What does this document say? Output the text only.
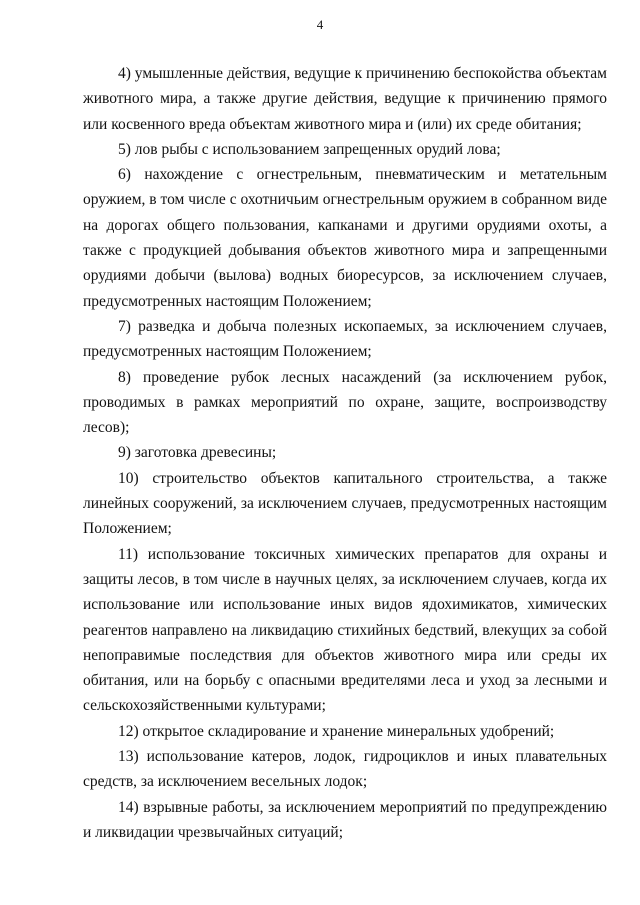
4

4) умышленные действия, ведущие к причинению беспокойства объектам животного мира, а также другие действия, ведущие к причинению прямого или косвенного вреда объектам животного мира и (или) их среде обитания;

5) лов рыбы с использованием запрещенных орудий лова;

6) нахождение с огнестрельным, пневматическим и метательным оружием, в том числе с охотничьим огнестрельным оружием в собранном виде на дорогах общего пользования, капканами и другими орудиями охоты, а также с продукцией добывания объектов животного мира и запрещенными орудиями добычи (вылова) водных биоресурсов, за исключением случаев, предусмотренных настоящим Положением;

7) разведка и добыча полезных ископаемых, за исключением случаев, предусмотренных настоящим Положением;

8) проведение рубок лесных насаждений (за исключением рубок, проводимых в рамках мероприятий по охране, защите, воспроизводству лесов);

9) заготовка древесины;

10) строительство объектов капитального строительства, а также линейных сооружений, за исключением случаев, предусмотренных настоящим Положением;

11) использование токсичных химических препаратов для охраны и защиты лесов, в том числе в научных целях, за исключением случаев, когда их использование или использование иных видов ядохимикатов, химических реагентов направлено на ликвидацию стихийных бедствий, влекущих за собой непоправимые последствия для объектов животного мира или среды их обитания, или на борьбу с опасными вредителями леса и уход за лесными и сельскохозяйственными культурами;

12) открытое складирование и хранение минеральных удобрений;

13) использование катеров, лодок, гидроциклов и иных плавательных средств, за исключением весельных лодок;

14) взрывные работы, за исключением мероприятий по предупреждению и ликвидации чрезвычайных ситуаций;
